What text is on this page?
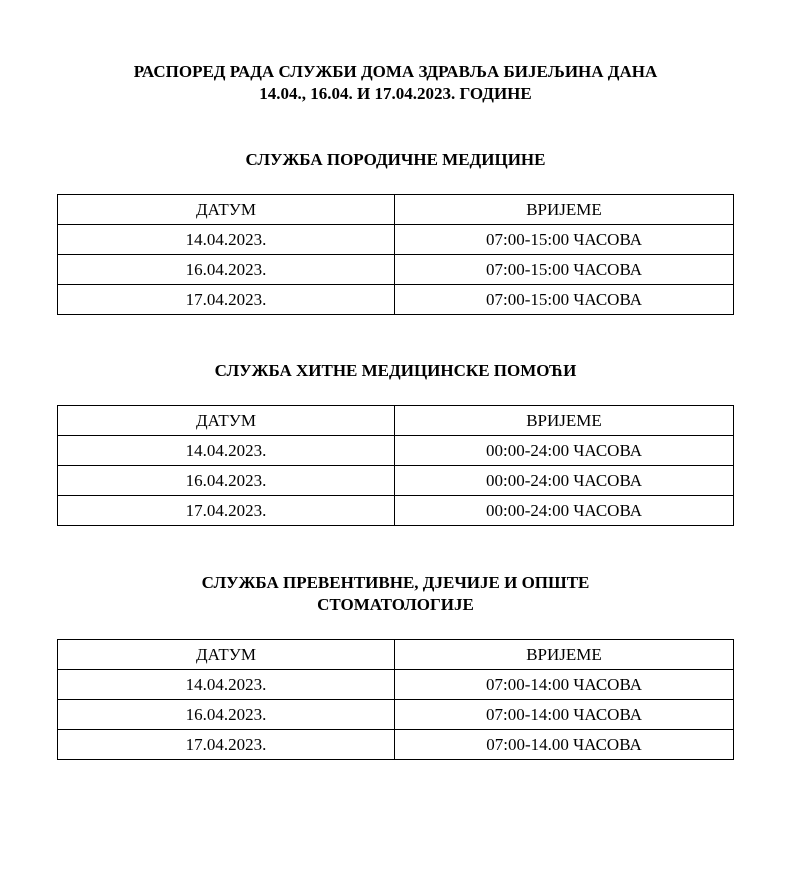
РАСПОРЕД РАДА СЛУЖБИ ДОМА ЗДРАВЉА БИЈЕЉИНА ДАНА
14.04., 16.04. И 17.04.2023. ГОДИНЕ
СЛУЖБА ПОРОДИЧНЕ МЕДИЦИНЕ
ДАТУМ	ВРИЈЕМЕ
14.04.2023.	07:00-15:00 ЧАСОВА
16.04.2023.	07:00-15:00 ЧАСОВА
17.04.2023.	07:00-15:00 ЧАСОВА
СЛУЖБА ХИТНЕ МЕДИЦИНСКЕ ПОМОЋИ
ДАТУМ	ВРИЈЕМЕ
14.04.2023.	00:00-24:00 ЧАСОВА
16.04.2023.	00:00-24:00 ЧАСОВА
17.04.2023.	00:00-24:00 ЧАСОВА
СЛУЖБА ПРЕВЕНТИВНЕ, ДЈЕЧИЈЕ И ОПШТЕ
СТОМАТОЛОГИЈЕ
ДАТУМ	ВРИЈЕМЕ
14.04.2023.	07:00-14:00 ЧАСОВА
16.04.2023.	07:00-14:00 ЧАСОВА
17.04.2023.	07:00-14.00 ЧАСОВА
